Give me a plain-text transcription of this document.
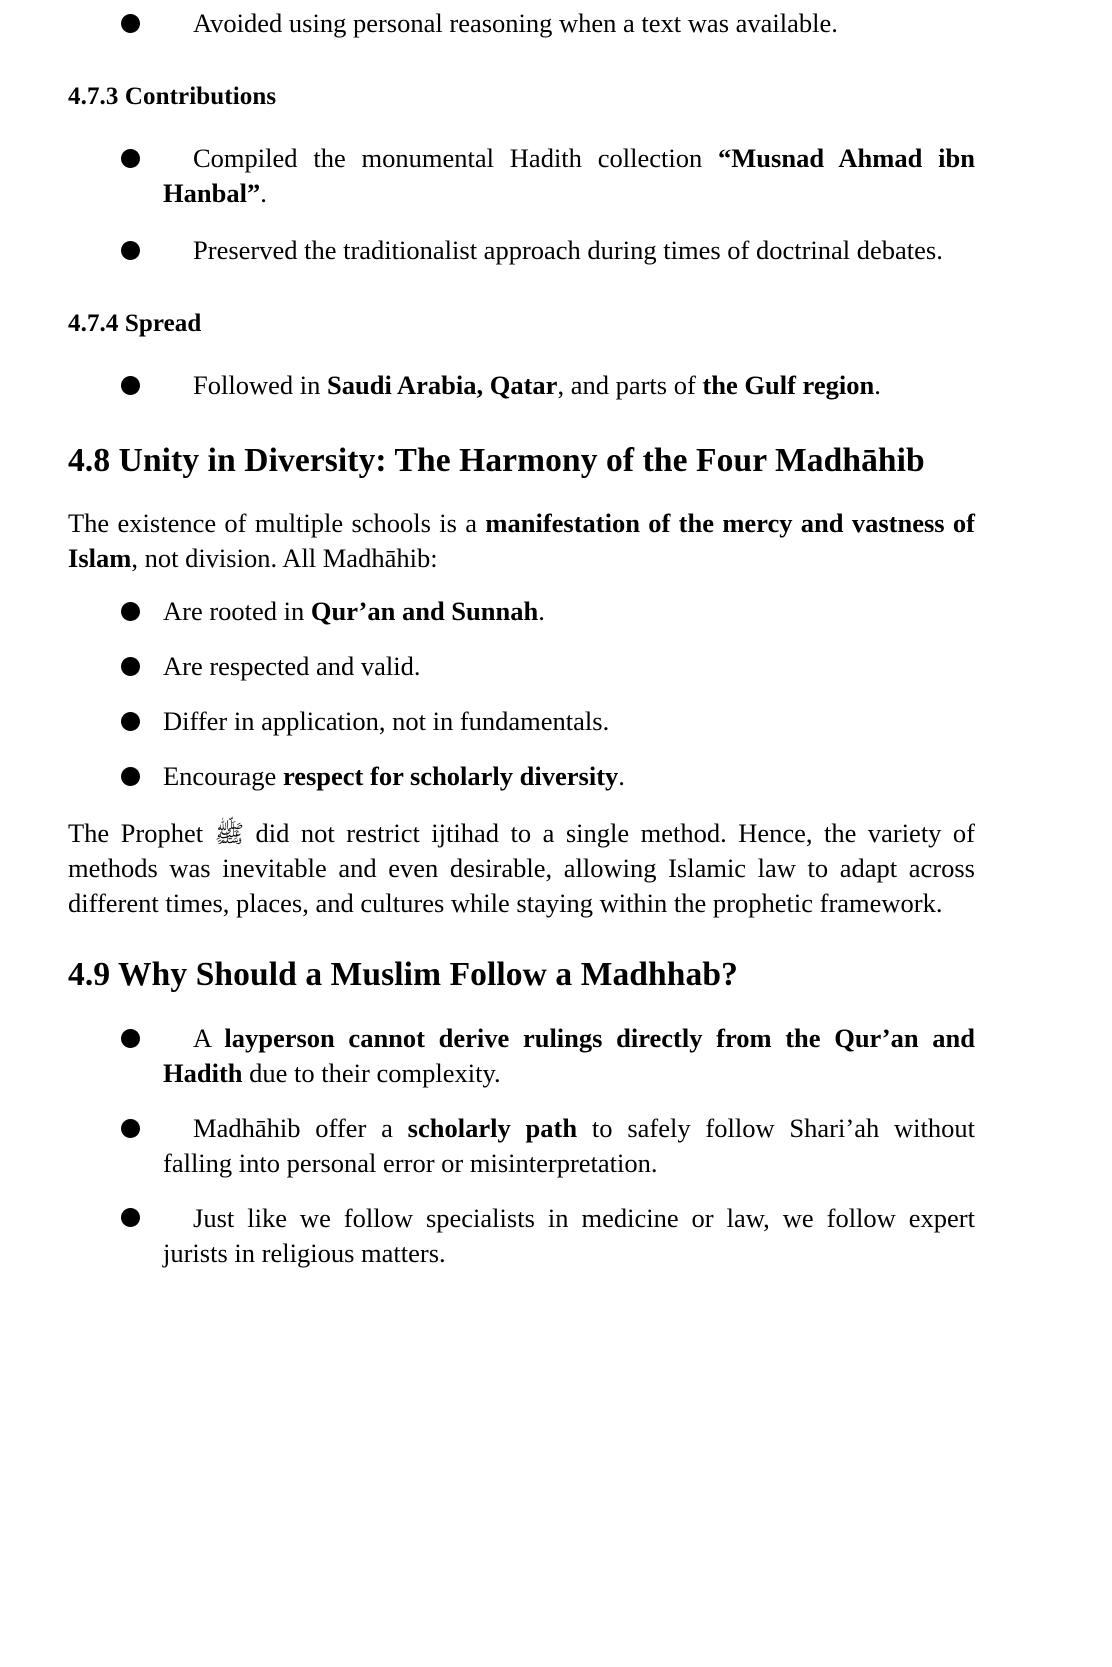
Avoided using personal reasoning when a text was available.

4.7.3 Contributions

Compiled the monumental Hadith collection “Musnad Ahmad ibn Hanbal”.

Preserved the traditionalist approach during times of doctrinal debates.

4.7.4 Spread

Followed in Saudi Arabia, Qatar, and parts of the Gulf region.

4.8 Unity in Diversity: The Harmony of the Four Madhāhib

The existence of multiple schools is a manifestation of the mercy and vastness of Islam, not division. All Madhāhib:

Are rooted in Qur’an and Sunnah.

Are respected and valid.

Differ in application, not in fundamentals.

Encourage respect for scholarly diversity.

The Prophet ﷺ did not restrict ijtihad to a single method. Hence, the variety of methods was inevitable and even desirable, allowing Islamic law to adapt across different times, places, and cultures while staying within the prophetic framework.

4.9 Why Should a Muslim Follow a Madhhab?

A layperson cannot derive rulings directly from the Qur’an and Hadith due to their complexity.

Madhāhib offer a scholarly path to safely follow Shari’ah without falling into personal error or misinterpretation.

Just like we follow specialists in medicine or law, we follow expert jurists in religious matters.
